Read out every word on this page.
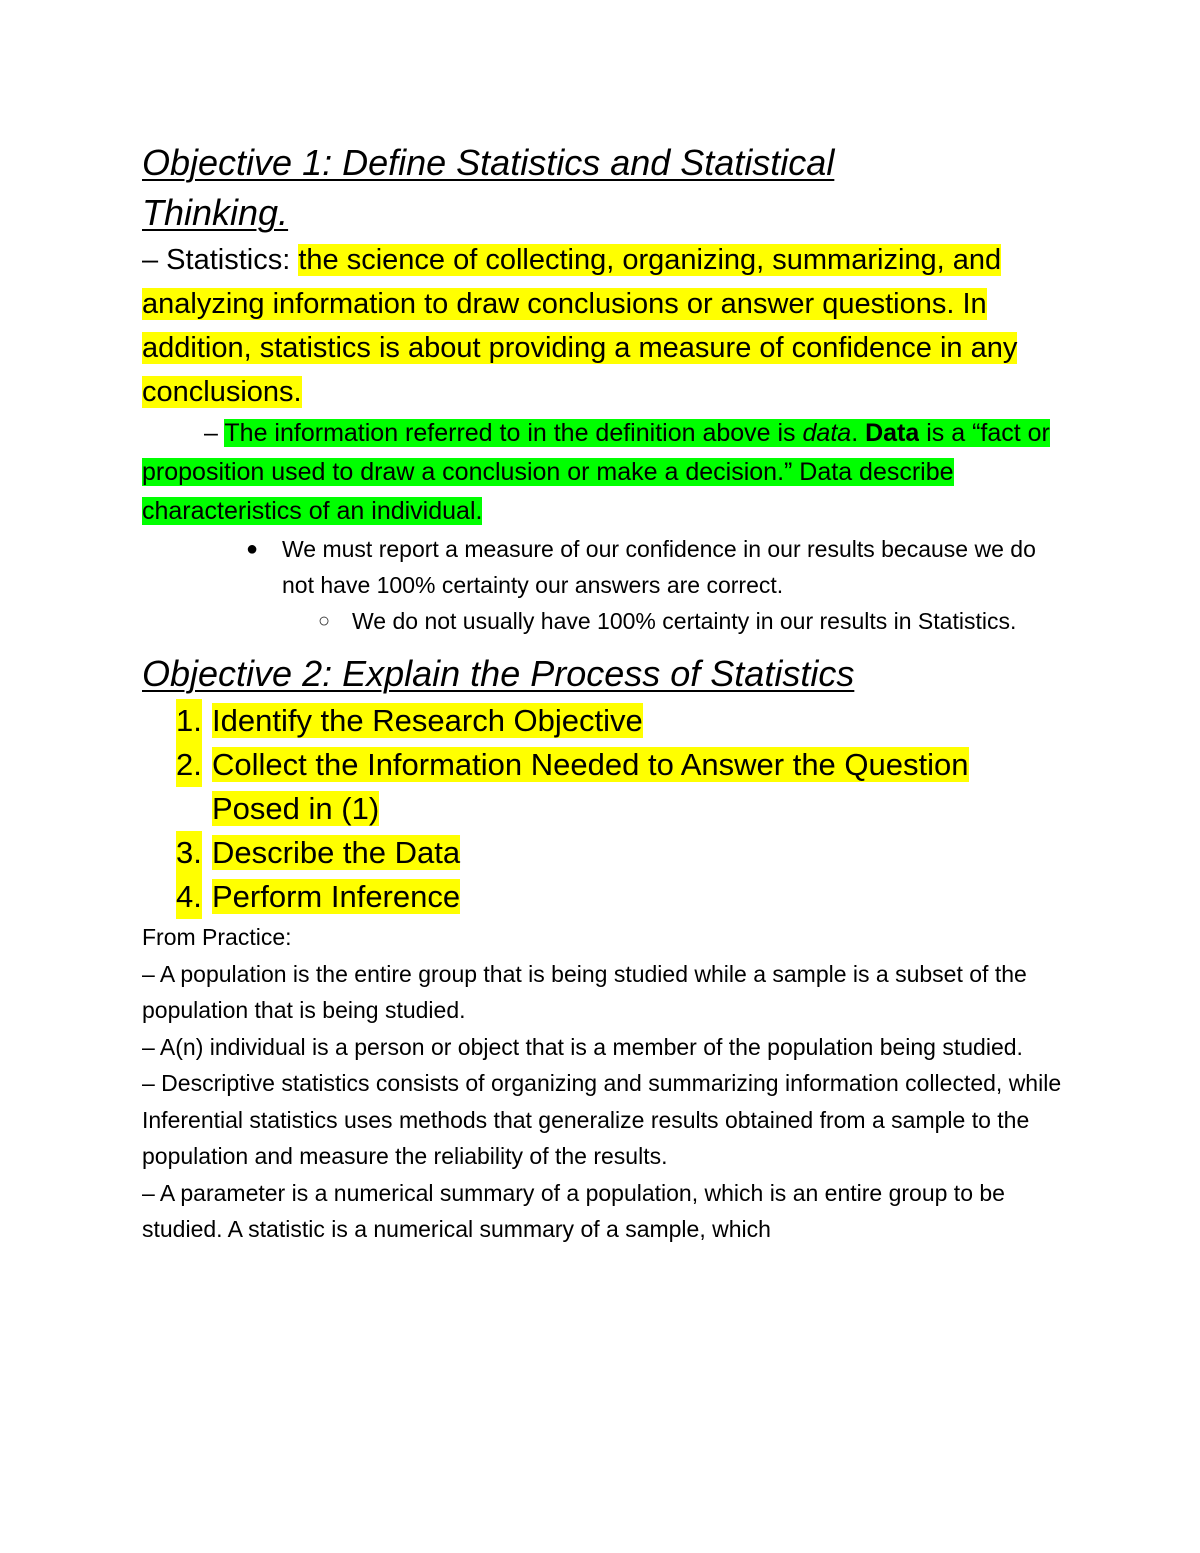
Objective 1: Define Statistics and Statistical
Thinking.

– Statistics: the science of collecting, organizing, summarizing, and analyzing information to draw conclusions or answer questions. In addition, statistics is about providing a measure of confidence in any conclusions.

– The information referred to in the definition above is data. Data is a “fact or proposition used to draw a conclusion or make a decision.” Data describe characteristics of an individual.

● We must report a measure of our confidence in our results because we do not have 100% certainty our answers are correct.
○ We do not usually have 100% certainty in our results in Statistics.
Objective 2: Explain the Process of Statistics
1. Identify the Research Objective
2. Collect the Information Needed to Answer the Question Posed in (1)
3. Describe the Data
4. Perform Inference

From Practice:

– A population is the entire group that is being studied while a sample is a subset of the population that is being studied.

– A(n) individual is a person or object that is a member of the population being studied.

– Descriptive statistics consists of organizing and summarizing information collected, while Inferential statistics uses methods that generalize results obtained from a sample to the population and measure the reliability of the results.

– A parameter is a numerical summary of a population, which is an entire group to be studied. A statistic is a numerical summary of a sample, which
